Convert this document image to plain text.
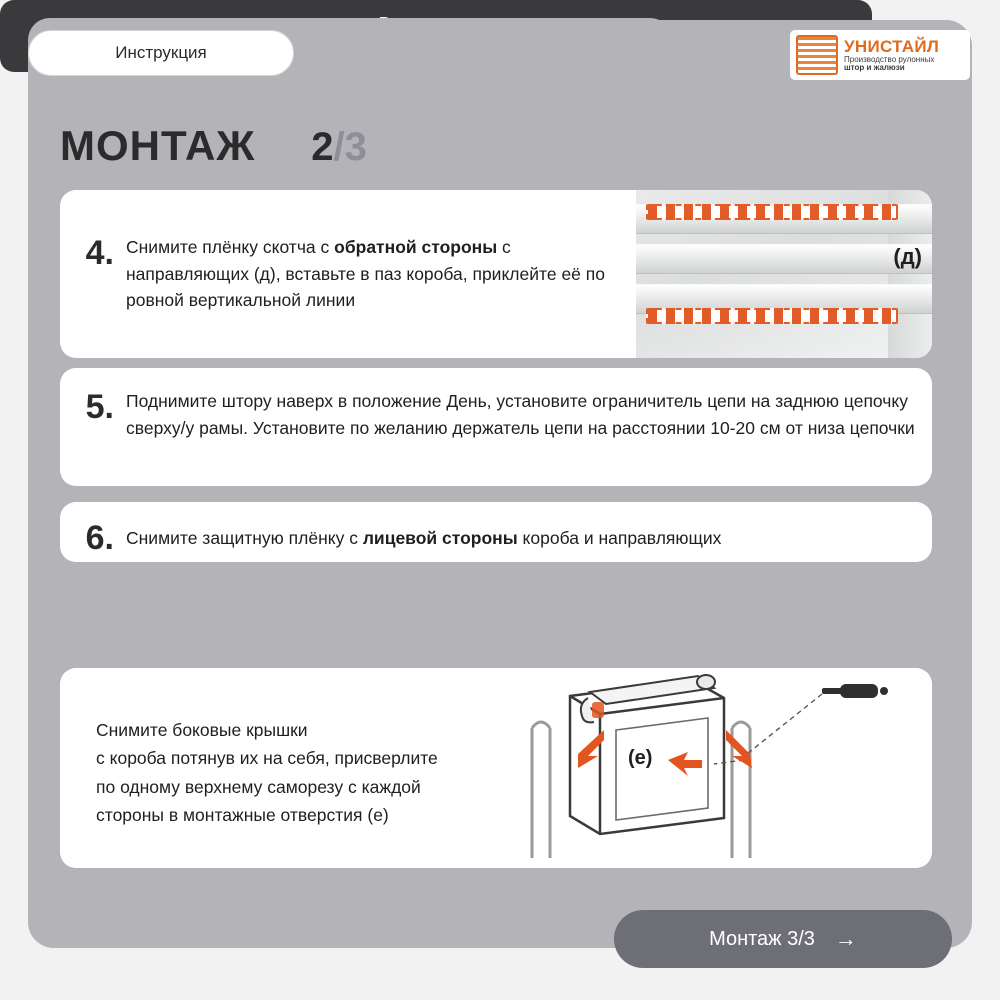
Инструкция	УНИСТАЙЛ
Производство рулонных
штор и жалюзи
МОНТАЖ 2/3
(д)
4. Снимите плёнку скотча с обратной стороны с направляющих (д), вставьте в паз короба, приклейте её по ровной вертикальной линии
5. Поднимите штору наверх в положение День, установите ограничитель цепи на заднюю цепочку сверху/у рамы. Установите по желанию держатель цепи на расстоянии 10-20 см от низа цепочки
6. Снимите защитную плёнку с лицевой стороны короба и направляющих
Снимите боковые крышки
с короба потянув их на себя, присверлите
по одному верхнему саморезу с каждой
стороны в монтажные отверстия (е)
(е)
Монтаж 3/3 →
